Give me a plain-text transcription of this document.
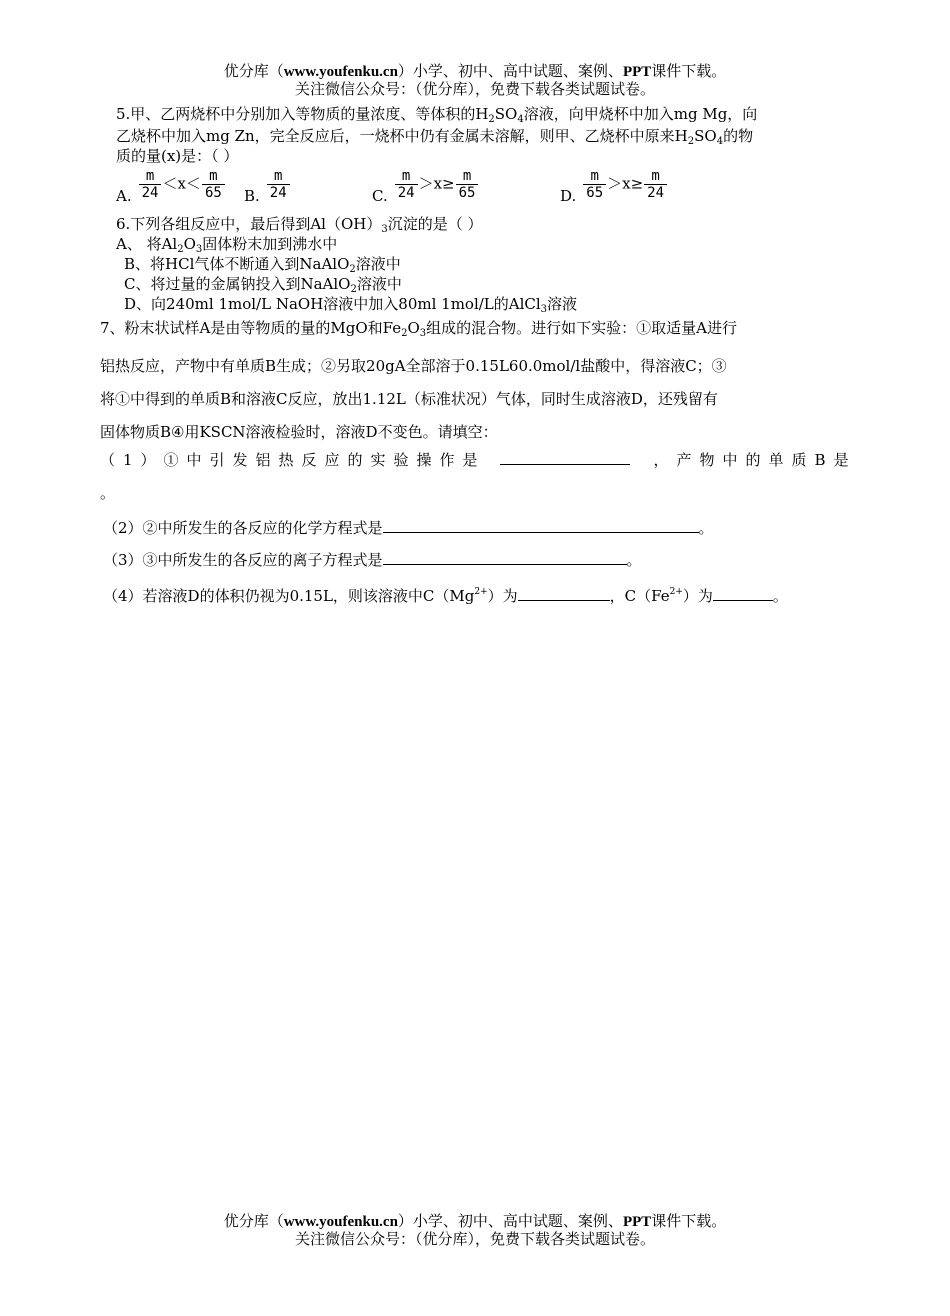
优分库（www.youfenku.cn）小学、初中、高中试题、案例、PPT课件下载。
关注微信公众号：（优分库），免费下载各类试题试卷。
5.甲、乙两烧杯中分别加入等物质的量浓度、等体积的$H_2SO_4$溶液，向甲烧杯中加入mg Mg，向
乙烧杯中加入mg Zn，完全反应后，一烧杯中仍有金属未溶解，则甲、乙烧杯中原来$H_2SO_4$的物
质的量(x)是：（ ）
A. $\frac{m}{24} <x< \frac{m}{65} B$. $\frac{m}{24}$	C. $\frac{m}{24} >x\ge \frac{m}{65}$	D. $\frac{m}{65} >x\ge \frac{m}{24}$
6.下列各组反应中，最后得到$Al(OH)_3$沉淀的是（ ）
A、 将$Al_2O_3$固体粉末加到沸水中
B、将HCl气体不断通入到NaAlO$_2$溶液中
C、将过量的金属钠投入到NaAlO$_2$溶液中
D、向240ml 1mol/L NaOH溶液中加入80ml 1mol/L的AlCl$_3$溶液
7、粉末状试样A是由等物质的量的MgO和$Fe_2O_3$组成的混合物。进行如下实验：①取适量A进行
铝热反应，产物中有单质B生成；②另取20gA全部溶于0.15L60.0mol/l盐酸中，得溶液C；③
将①中得到的单质B和溶液C反应，放出1.12L（标准状况）气体，同时生成溶液D，还残留有
固体物质B④用KSCN溶液检验时，溶液D不变色。请填空：
（1）①中引发铝热反应的实验操作是	，产物中的单质B是
。
（2）②中所发生的各反应的化学方程式是	。
（3）③中所发生的各反应的离子方程式是	。
（4）若溶液D的体积仍视为0.15L，则该溶液中$C(Mg^{2+})$为	，$C(Fe^{2+})$为	。
优分库（www.youfenku.cn）小学、初中、高中试题、案例、PPT课件下载。
关注微信公众号：（优分库），免费下载各类试题试卷。
